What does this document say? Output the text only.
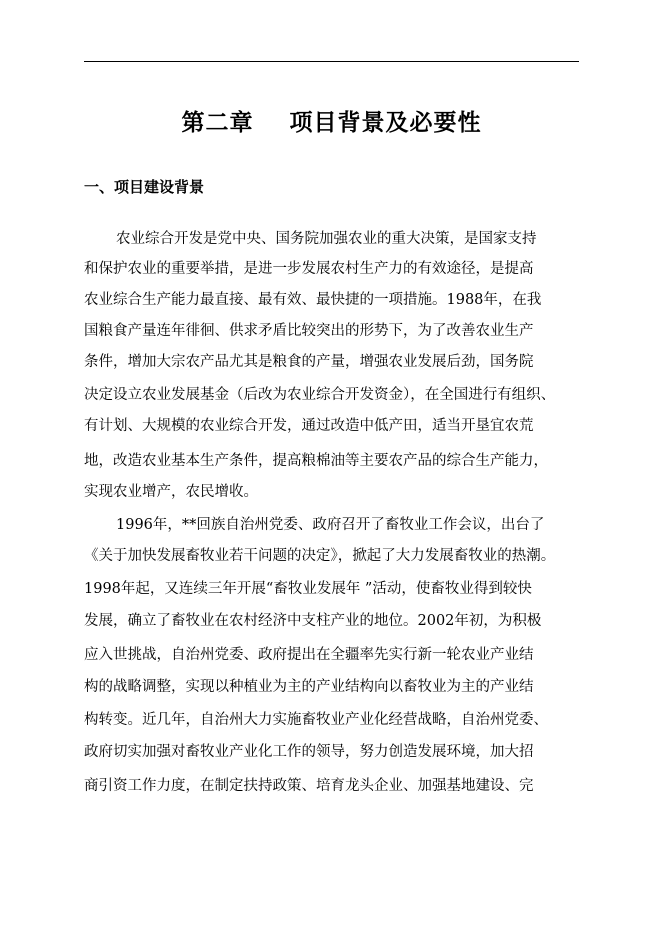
第二章    项目背景及必要性
一、项目建设背景
农业综合开发是党中央、国务院加强农业的重大决策，是国家支持
和保护农业的重要举措，是进一步发展农村生产力的有效途径，是提高
农业综合生产能力最直接、最有效、最快捷的一项措施。1988年，在我
国粮食产量连年徘徊、供求矛盾比较突出的形势下，为了改善农业生产
条件，增加大宗农产品尤其是粮食的产量，增强农业发展后劲，国务院
决定设立农业发展基金（后改为农业综合开发资金），在全国进行有组织、
有计划、大规模的农业综合开发，通过改造中低产田，适当开垦宜农荒
地，改造农业基本生产条件，提高粮棉油等主要农产品的综合生产能力，
实现农业增产，农民增收。
1996年，**回族自治州党委、政府召开了畜牧业工作会议，出台了
《关于加快发展畜牧业若干问题的决定》，掀起了大力发展畜牧业的热潮。
1998年起，又连续三年开展“畜牧业发展年 ”活动，使畜牧业得到较快
发展，确立了畜牧业在农村经济中支柱产业的地位。2002年初，为积极
应入世挑战，自治州党委、政府提出在全疆率先实行新一轮农业产业结
构的战略调整，实现以种植业为主的产业结构向以畜牧业为主的产业结
构转变。近几年，自治州大力实施畜牧业产业化经营战略，自治州党委、
政府切实加强对畜牧业产业化工作的领导，努力创造发展环境，加大招
商引资工作力度，在制定扶持政策、培育龙头企业、加强基地建设、完
